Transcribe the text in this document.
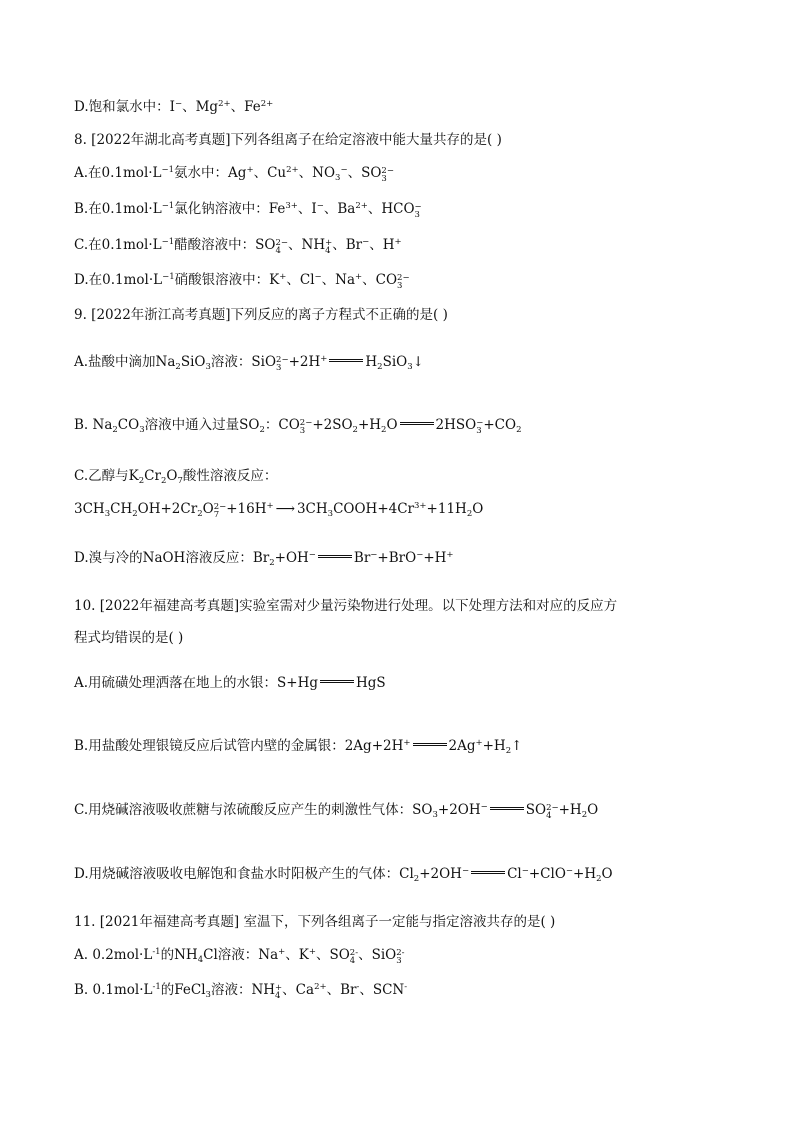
D.饱和氯水中：I−、$Mg^{2+}$、$Fe^{2+}$
8. [2022年湖北高考真题]下列各组离子在给定溶液中能大量共存的是( )
A.在$0.1mol\cdot L^{-1}$氨水中：Ag+、$Cu^{2+}$、$NO_3^-$、SO 2−
3
B.在$0.1mol\cdot L^{-1}$氯化钠溶液中：$Fe^{3+}$、I−、$Ba^{2+}$、HCO −
3
C.在$0.1mol\cdot L^{-1}$醋酸溶液中：SO 2−
4 、NH +
4 、Br−、H+
D.在$0.1mol\cdot L^{-1}$硝酸银溶液中：K+、Cl−、Na+、CO 2−
3
9. [2022年浙江高考真题]下列反应的离子方程式不正确的是( )
A.盐酸中滴加$Na_2SiO_3$溶液：SiO 2−
3 +2H+	$H_2SiO_3↓$
B. $Na_2CO_3$溶液中通入过量$SO_2$：CO 2−
$3 +2SO_2+H_2O$	2HSO −
$3 +CO_2$
C.乙醇与$K_2Cr_2O_7$酸性溶液反应：
$3CH_3CH_2OH+2Cr_2O$ 2−
7 +16H+ ⟶ $3CH_3COOH+4Cr^{3+}+11H_2O$
D.溴与冷的NaOH溶液反应：$Br_2+OH^-$	Br−+BrO−+H+
10. [2022年福建高考真题]实验室需对少量污染物进行处理。以下处理方法和对应的反应方
程式均错误的是( )
A.用硫磺处理洒落在地上的水银：S+Hg	HgS
B.用盐酸处理银镜反应后试管内壁的金属银：2Ag+2H+	$2Ag^++H_2↑$
C.用烧碱溶液吸收蔗糖与浓硫酸反应产生的刺激性气体：$SO_3+2OH^-$	SO 2−
$4 +H_2O$
D.用烧碱溶液吸收电解饱和食盐水时阳极产生的气体：$Cl_2+2OH^-$	$Cl^-+ClO^-+H_2O$
11. [2021年福建高考真题] 室温下，下列各组离子一定能与指定溶液共存的是( )
A. $0.2mol\cdot L^{-1}$的$NH_4Cl$溶液：Na+、K+、SO 2-
4 、SiO 2-
3
B. $0.1mol\cdot L^{-1}$的FeCl$_3$溶液：NH +
4 、$Ca^{2+}$、Br-、SCN-
